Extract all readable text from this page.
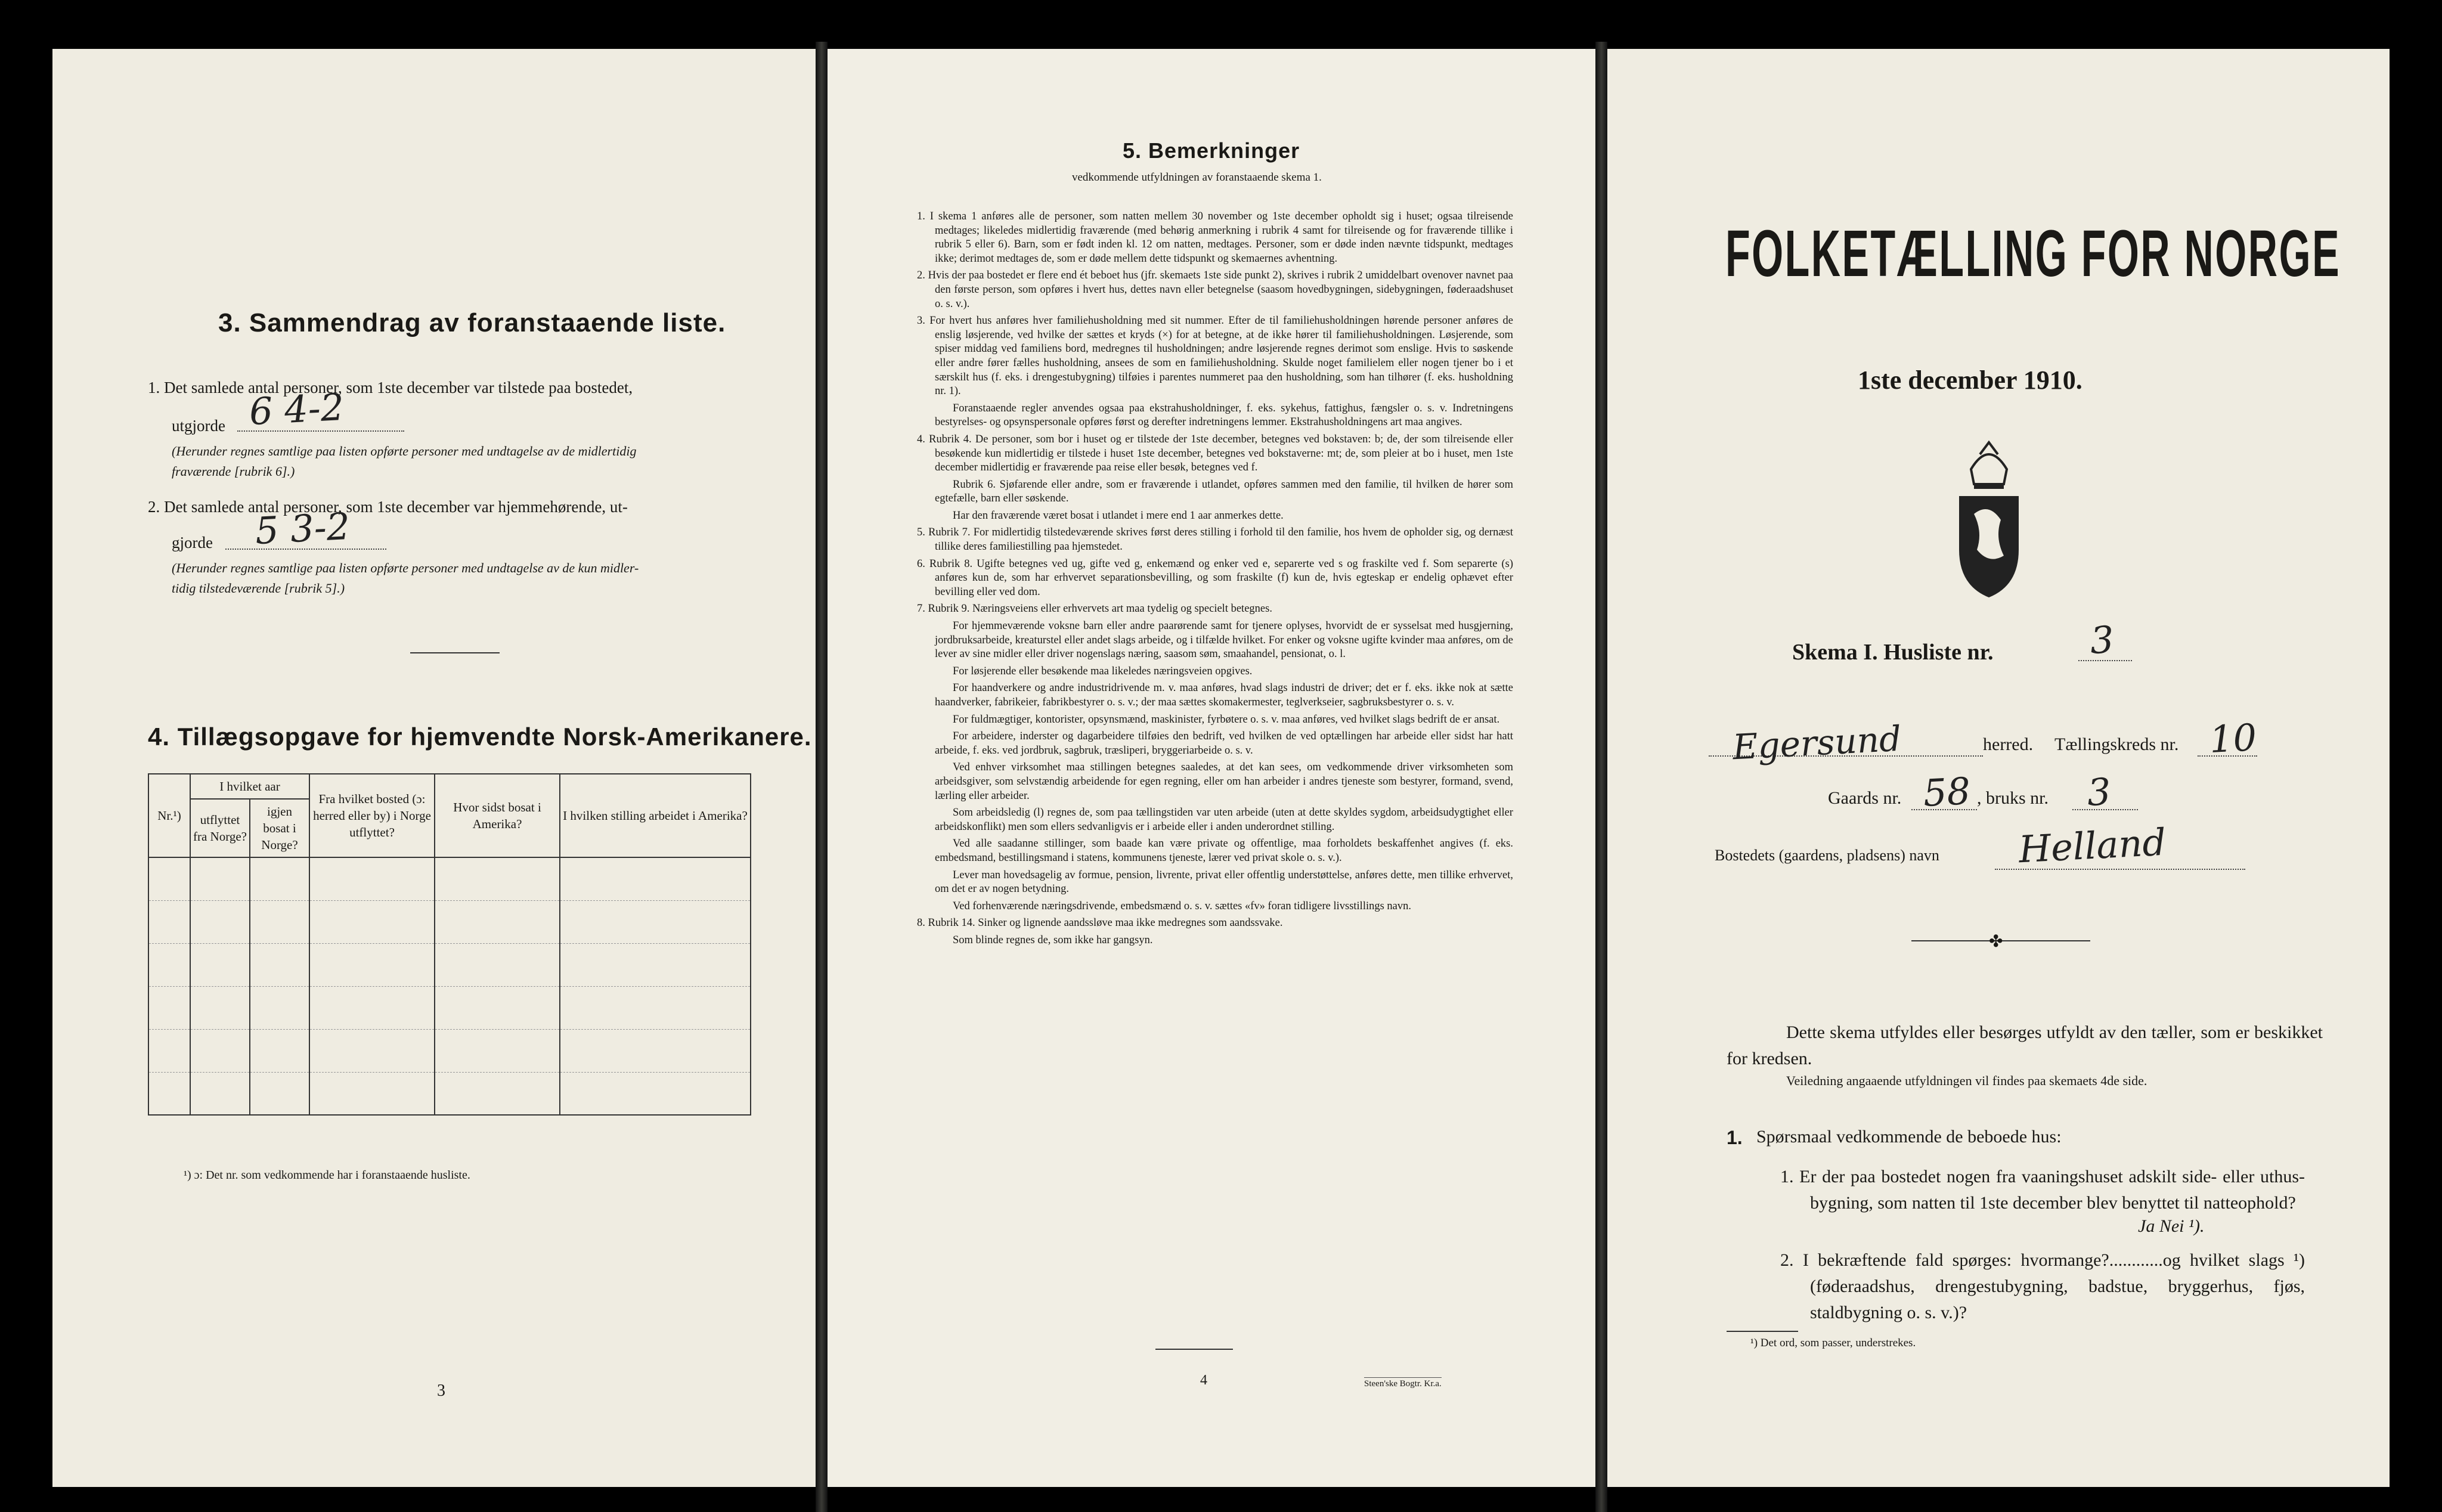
3. Sammendrag av foranstaaende liste.
1. Det samlede antal personer, som 1ste december var tilstede paa bostedet,
utgjorde 6 4-2
(Herunder regnes samtlige paa listen opførte personer med undtagelse av de midlertidig
fraværende [rubrik 6].)
2. Det samlede antal personer, som 1ste december var hjemmehørende, ut-
gjorde 5 3-2
(Herunder regnes samtlige paa listen opførte personer med undtagelse av de kun midler-
tidig tilstedeværende [rubrik 5].)
4. Tillægsopgave for hjemvendte Norsk-Amerikanere.
Nr.¹)	I hvilket aar		Fra hvilket bosted (ɔ: herred eller by) i Norge utflyttet?	Hvor sidst bosat i Amerika?	I hvilken stilling arbeidet i Amerika?
	utflyttet fra Norge?	igjen bosat i Norge?			

¹) ɔ: Det nr. som vedkommende har i foranstaaende husliste.
3
5. Bemerkninger
vedkommende utfyldningen av foranstaaende skema 1.
1. I skema 1 anføres alle de personer, som natten mellem 30 november og 1ste december opholdt sig i huset; ogsaa tilreisende medtages; likeledes midlertidig fraværende (med behørig anmerkning i rubrik 4 samt for tilreisende og for fraværende tillike i rubrik 5 eller 6). Barn, som er født inden kl. 12 om natten, medtages. Personer, som er døde inden nævnte tidspunkt, medtages ikke; derimot medtages de, som er døde mellem dette tidspunkt og skemaernes avhentning.
2. Hvis der paa bostedet er flere end ét beboet hus (jfr. skemaets 1ste side punkt 2), skrives i rubrik 2 umiddelbart ovenover navnet paa den første person, som opføres i hvert hus, dettes navn eller betegnelse (saasom hovedbygningen, sidebygningen, føderaadshuset o. s. v.).
3. For hvert hus anføres hver familiehusholdning med sit nummer. Efter de til familiehusholdningen hørende personer anføres de enslig løsjerende, ved hvilke der sættes et kryds (×) for at betegne, at de ikke hører til familiehusholdningen. Løsjerende, som spiser middag ved familiens bord, medregnes til husholdningen; andre løsjerende regnes derimot som enslige. Hvis to søskende eller andre fører fælles husholdning, ansees de som en familiehusholdning. Skulde noget familielem eller nogen tjener bo i et særskilt hus (f. eks. i drengestubygning) tilføies i parentes nummeret paa den husholdning, som han tilhører (f. eks. husholdning nr. 1).
Foranstaaende regler anvendes ogsaa paa ekstrahusholdninger, f. eks. sykehus, fattighus, fængsler o. s. v. Indretningens bestyrelses- og opsynspersonale opføres først og derefter indretningens lemmer. Ekstrahusholdningens art maa angives.
4. Rubrik 4. De personer, som bor i huset og er tilstede der 1ste december, betegnes ved bokstaven: b; de, der som tilreisende eller besøkende kun midlertidig er tilstede i huset 1ste december, betegnes ved bokstaverne: mt; de, som pleier at bo i huset, men 1ste december midlertidig er fraværende paa reise eller besøk, betegnes ved f.
Rubrik 6. Sjøfarende eller andre, som er fraværende i utlandet, opføres sammen med den familie, til hvilken de hører som egtefælle, barn eller søskende.
Har den fraværende været bosat i utlandet i mere end 1 aar anmerkes dette.
5. Rubrik 7. For midlertidig tilstedeværende skrives først deres stilling i forhold til den familie, hos hvem de opholder sig, og dernæst tillike deres familiestilling paa hjemstedet.
6. Rubrik 8. Ugifte betegnes ved ug, gifte ved g, enkemænd og enker ved e, separerte ved s og fraskilte ved f. Som separerte (s) anføres kun de, som har erhvervet separationsbevilling, og som fraskilte (f) kun de, hvis egteskap er endelig ophævet efter bevilling eller ved dom.
7. Rubrik 9. Næringsveiens eller erhvervets art maa tydelig og specielt betegnes.
For hjemmeværende voksne barn eller andre paarørende samt for tjenere oplyses, hvorvidt de er sysselsat med husgjerning, jordbruksarbeide, kreaturstel eller andet slags arbeide, og i tilfælde hvilket. For enker og voksne ugifte kvinder maa anføres, om de lever av sine midler eller driver nogenslags næring, saasom søm, smaahandel, pensionat, o. l.
For løsjerende eller besøkende maa likeledes næringsveien opgives.
For haandverkere og andre industridrivende m. v. maa anføres, hvad slags industri de driver; det er f. eks. ikke nok at sætte haandverker, fabrikeier, fabrikbestyrer o. s. v.; der maa sættes skomakermester, teglverkseier, sagbruksbestyrer o. s. v.
For fuldmægtiger, kontorister, opsynsmænd, maskinister, fyrbøtere o. s. v. maa anføres, ved hvilket slags bedrift de er ansat.
For arbeidere, inderster og dagarbeidere tilføies den bedrift, ved hvilken de ved optællingen har arbeide eller sidst har hatt arbeide, f. eks. ved jordbruk, sagbruk, træsliperi, bryggeriarbeide o. s. v.
Ved enhver virksomhet maa stillingen betegnes saaledes, at det kan sees, om vedkommende driver virksomheten som arbeidsgiver, som selvstændig arbeidende for egen regning, eller om han arbeider i andres tjeneste som bestyrer, formand, svend, lærling eller arbeider.
Som arbeidsledig (l) regnes de, som paa tællingstiden var uten arbeide (uten at dette skyldes sygdom, arbeidsudygtighet eller arbeidskonflikt) men som ellers sedvanligvis er i arbeide eller i anden underordnet stilling.
Ved alle saadanne stillinger, som baade kan være private og offentlige, maa forholdets beskaffenhet angives (f. eks. embedsmand, bestillingsmand i statens, kommunens tjeneste, lærer ved privat skole o. s. v.).
Lever man hovedsagelig av formue, pension, livrente, privat eller offentlig understøttelse, anføres dette, men tillike erhvervet, om det er av nogen betydning.
Ved forhenværende næringsdrivende, embedsmænd o. s. v. sættes «fv» foran tidligere livsstillings navn.
8. Rubrik 14. Sinker og lignende aandssløve maa ikke medregnes som aandssvake.
Som blinde regnes de, som ikke har gangsyn.
4	Steen'ske Bogtr. Kr.a.
FOLKETÆLLING FOR NORGE
1ste december 1910.
Skema I. Husliste nr.	3
Egersund	herred. Tællingskreds nr. 10
Gaards nr. 58 , bruks nr. 3
Bostedets (gaardens, pladsens) navn Helland
✤
Dette skema utfyldes eller besørges utfyldt av den tæller, som er beskikket for kredsen.
Veiledning angaaende utfyldningen vil findes paa skemaets 4de side.
1. Spørsmaal vedkommende de beboede hus:
1. Er der paa bostedet nogen fra vaaningshuset adskilt side- eller uthus-bygning, som natten til 1ste december blev benyttet til natteophold?
Ja Nei ¹).
2. I bekræftende fald spørges: hvormange?............og hvilket slags ¹) (føderaadshus, drengestubygning, badstue, bryggerhus, fjøs, staldbygning o. s. v.)?
¹) Det ord, som passer, understrekes.
